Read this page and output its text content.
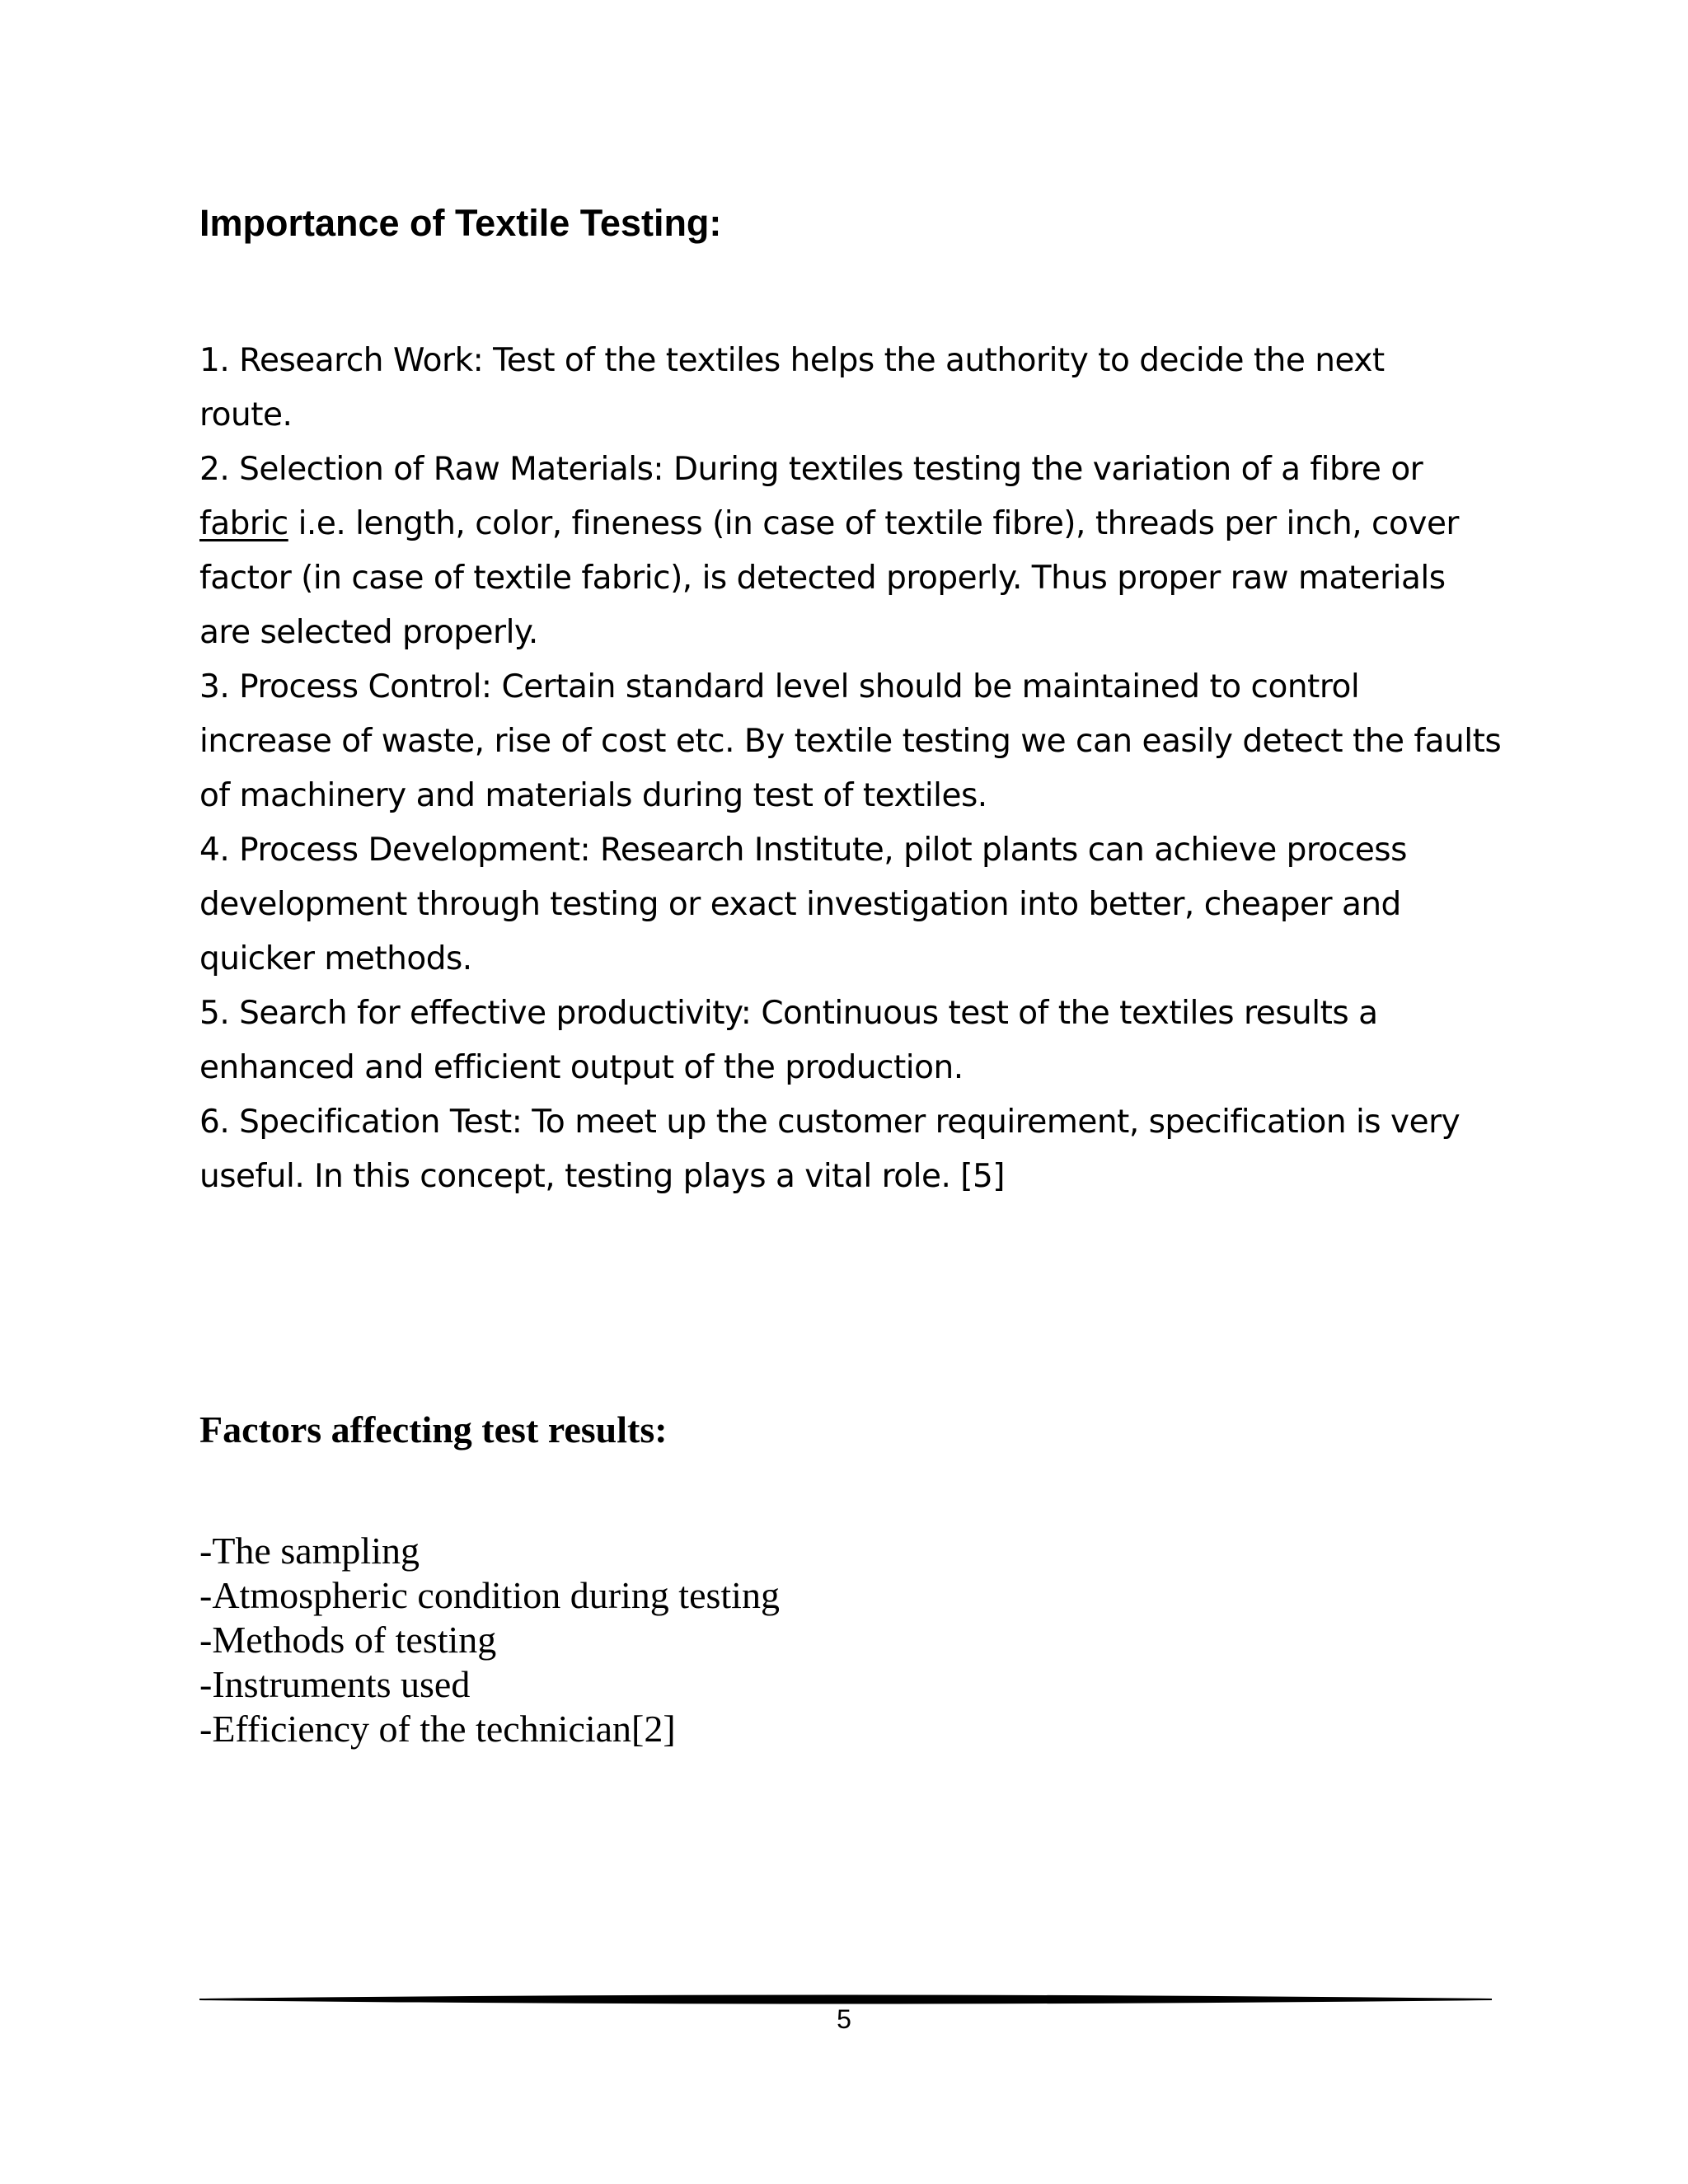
Importance of Textile Testing:

1. Research Work: Test of the textiles helps the authority to decide the next

route.

2. Selection of Raw Materials: During textiles testing the variation of a fibre or

fabric i.e. length, color, fineness (in case of textile fibre), threads per inch, cover

factor (in case of textile fabric), is detected properly. Thus proper raw materials

are selected properly.

3. Process Control: Certain standard level should be maintained to control

increase of waste, rise of cost etc. By textile testing we can easily detect the faults

of machinery and materials during test of textiles.

4. Process Development: Research Institute, pilot plants can achieve process

development through testing or exact investigation into better, cheaper and

quicker methods.

5. Search for effective productivity: Continuous test of the textiles results a

enhanced and efficient output of the production.

6. Specification Test: To meet up the customer requirement, specification is very

useful. In this concept, testing plays a vital role. [5]

Factors affecting test results:
-The sampling
-Atmospheric condition during testing
-Methods of testing
-Instruments used
-Efficiency of the technician[2]
5
